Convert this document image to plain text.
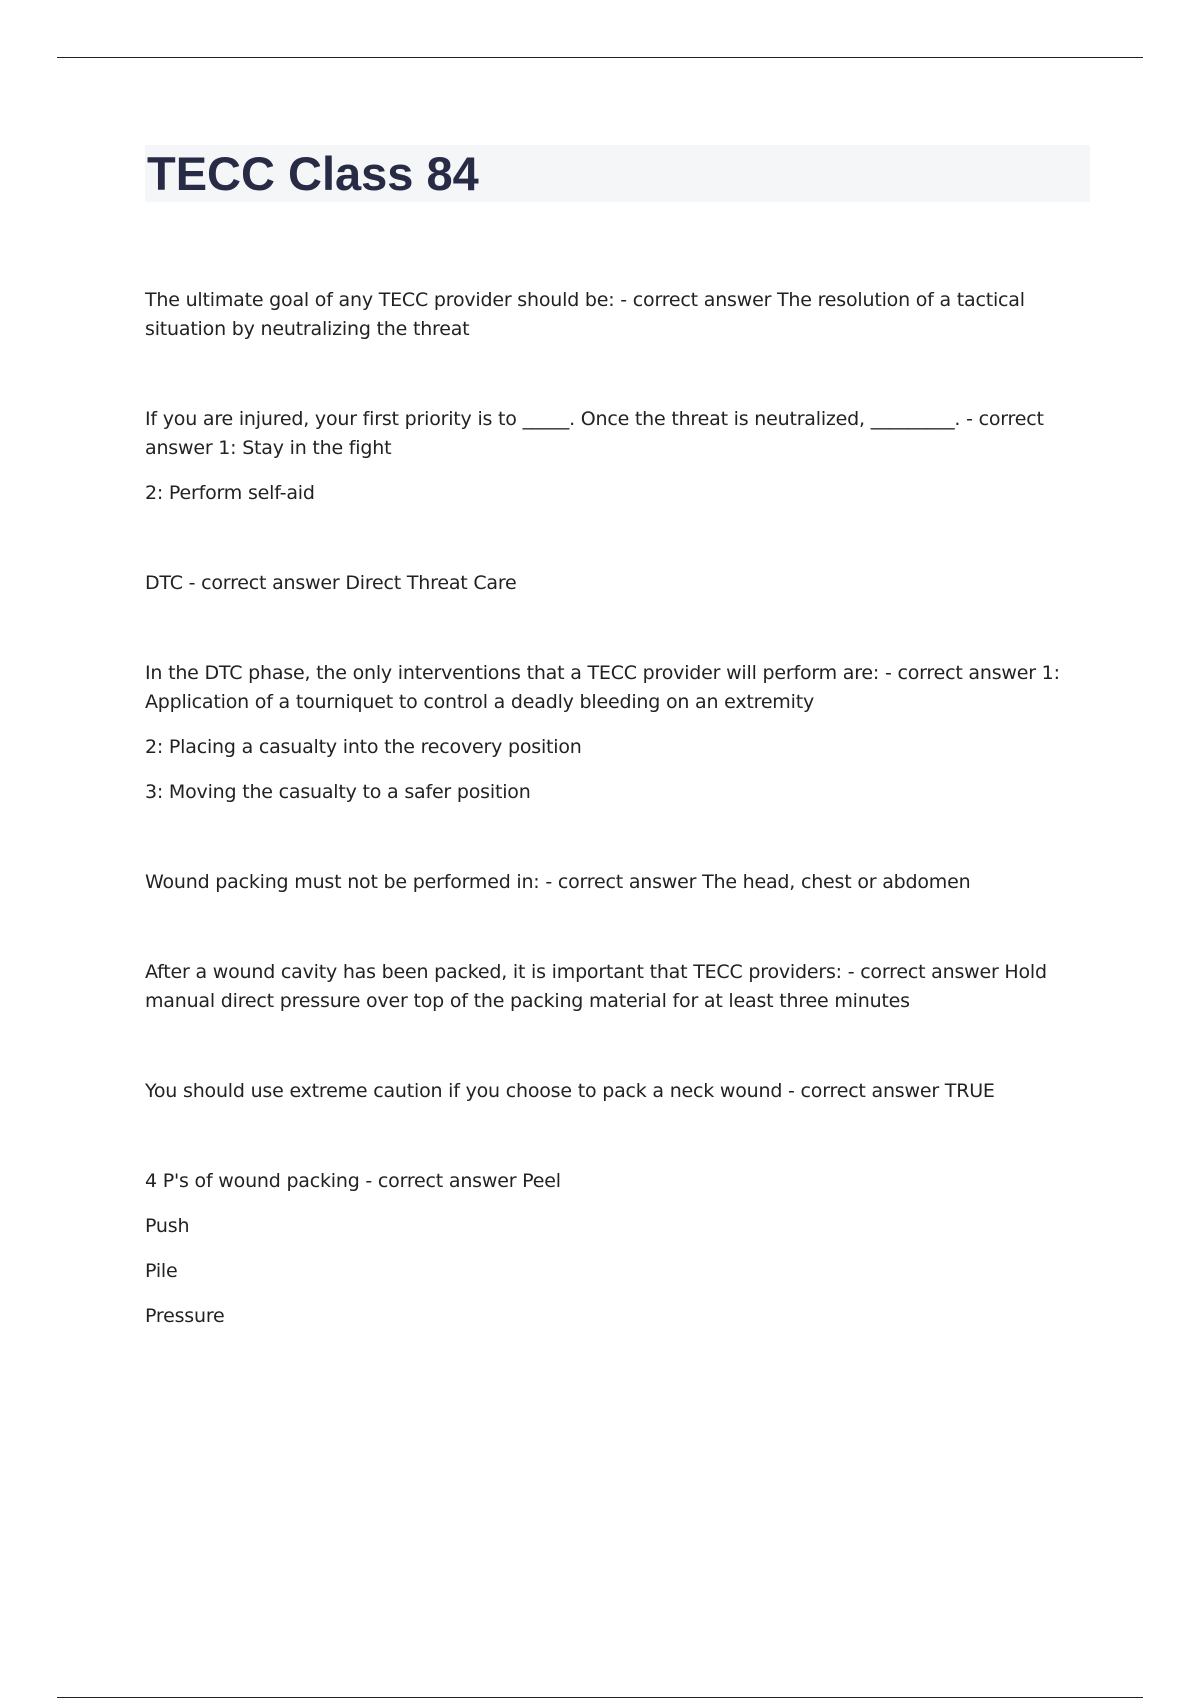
TECC Class 84

The ultimate goal of any TECC provider should be: - correct answer The resolution of a tactical situation by neutralizing the threat

If you are injured, your first priority is to _____. Once the threat is neutralized, _________. - correct answer 1: Stay in the fight

2: Perform self-aid

DTC - correct answer Direct Threat Care

In the DTC phase, the only interventions that a TECC provider will perform are: - correct answer 1: Application of a tourniquet to control a deadly bleeding on an extremity

2: Placing a casualty into the recovery position

3: Moving the casualty to a safer position

Wound packing must not be performed in: - correct answer The head, chest or abdomen

After a wound cavity has been packed, it is important that TECC providers: - correct answer Hold manual direct pressure over top of the packing material for at least three minutes

You should use extreme caution if you choose to pack a neck wound - correct answer TRUE

4 P's of wound packing - correct answer Peel

Push

Pile

Pressure
